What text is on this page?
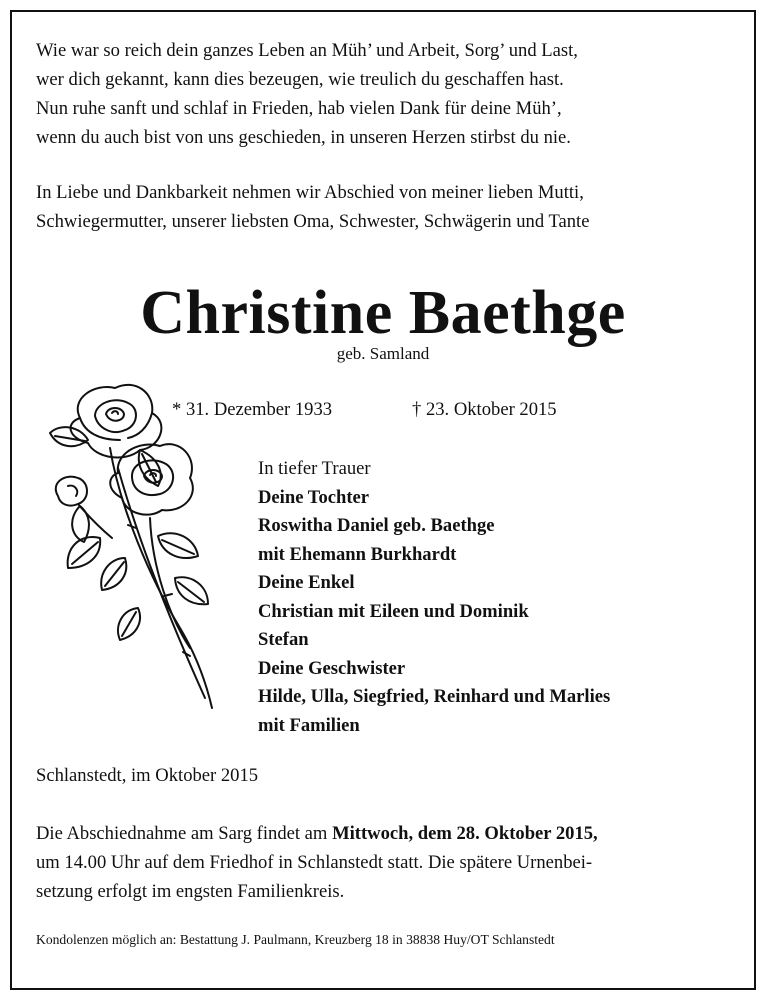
Wie war so reich dein ganzes Leben an Müh’ und Arbeit, Sorg’ und Last,
wer dich gekannt, kann dies bezeugen, wie treulich du geschaffen hast.
Nun ruhe sanft und schlaf in Frieden, hab vielen Dank für deine Müh’,
wenn du auch bist von uns geschieden, in unseren Herzen stirbst du nie.

In Liebe und Dankbarkeit nehmen wir Abschied von meiner lieben Mutti,
Schwiegermutter, unserer liebsten Oma, Schwester, Schwägerin und Tante

Christine Baethge
geb. Samland
* 31. Dezember 1933	† 23. Oktober 2015
In tiefer Trauer
Deine Tochter
Roswitha Daniel geb. Baethge
mit Ehemann Burkhardt
Deine Enkel
Christian mit Eileen und Dominik
Stefan
Deine Geschwister
Hilde, Ulla, Siegfried, Reinhard und Marlies
mit Familien
Schlanstedt, im Oktober 2015
Die Abschiednahme am Sarg findet am Mittwoch, dem 28. Oktober 2015,
um 14.00 Uhr auf dem Friedhof in Schlanstedt statt. Die spätere Urnenbei-
setzung erfolgt im engsten Familienkreis.
Kondolenzen möglich an: Bestattung J. Paulmann, Kreuzberg 18 in 38838 Huy/OT Schlanstedt
